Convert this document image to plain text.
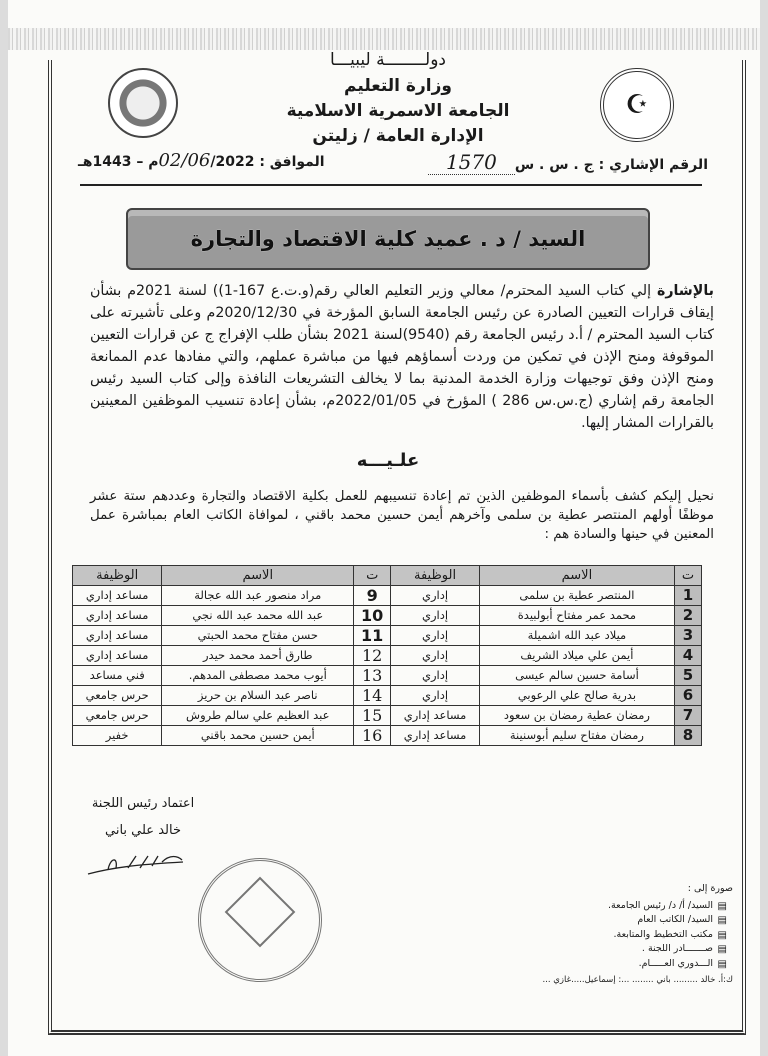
دولــــــــة ليبيـــا
وزارة التعليم
الجامعة الاسمرية الاسلامية
الإدارة العامة / زليتن
☪
الرقم الإشاري : ج . س . س1570
الموافق : 02/06/2022م – 1443هـ
السيد / د . عميد كلية الاقتصاد والتجارة
بالإشارة إلي كتاب السيد المحترم/ معالي وزير التعليم العالي رقم(و.ت.ع 167-1)) لسنة 2021م بشأن إيقاف قرارات التعيين الصادرة عن رئيس الجامعة السابق المؤرخة في 2020/12/30م وعلى تأشيرته على كتاب السيد المحترم / أ.د رئيس الجامعة رقم (9540)لسنة 2021 بشأن طلب الإفراج ج عن قرارات التعيين الموقوفة ومنح الإذن في تمكين من وردت أسماؤهم فيها من مباشرة عملهم، والتي مفادها عدم الممانعة ومنح الإذن وفق توجيهات وزارة الخدمة المدنية بما لا يخالف التشريعات النافذة وإلى كتاب السيد رئيس الجامعة رقم إشاري (ج.س.س 286 ) المؤرخ في 2022/01/05م، بشأن إعادة تنسيب الموظفين المعينين بالقرارات المشار إليها.
علـيـــه
نحيل إليكم كشف بأسماء الموظفين الذين تم إعادة تنسيبهم للعمل بكلية الاقتصاد والتجارة وعددهم ستة عشر موظفًا أولهم المنتصر عطية بن سلمى وآخرهم أيمن حسين محمد باقني ، لموافاة الكاتب العام بمباشرة عمل المعنين في حينها والسادة هم :
ت	الاسم	الوظيفة	ت	الاسم	الوظيفة
1	المنتصر عطية بن سلمى	إداري	9	مراد منصور عبد الله عجالة	مساعد إداري
2	محمد عمر مفتاح أبولبيدة	إداري	10	عبد الله محمد عبد الله نجي	مساعد إداري
3	ميلاد عبد الله اشميلة	إداري	11	حسن مفتاح محمد الحبتي	مساعد إداري
4	أيمن علي ميلاد الشريف	إداري	12	طارق أحمد محمد حيدر	مساعد إداري
5	أسامة حسين سالم عيسى	إداري	13	أيوب محمد مصطفى المدهم.	فني مساعد
6	بدرية صالح علي الرعوبي	إداري	14	ناصر عبد السلام بن حريز	حرس جامعي
7	رمضان عطية رمضان بن سعود	مساعد إداري	15	عبد العظيم علي سالم طروش	حرس جامعي
8	رمضان مفتاح سليم أبوسنينة	مساعد إداري	16	أيمن حسين محمد باقني	خفير
اعتماد رئيس اللجنة
خالد علي باني
صورة إلى :
▤
السيد/ أ/ د/ رئيس الجامعة.
▤
السيد/ الكاتب العام
▤
مكتب التخطيط والمتابعة.
▤
صـــــــادر اللجنة .
▤
الـــدوري العـــــام.
ك:أ. خالد ......... باني ........ ...: إسماعيل.....غازي ...
